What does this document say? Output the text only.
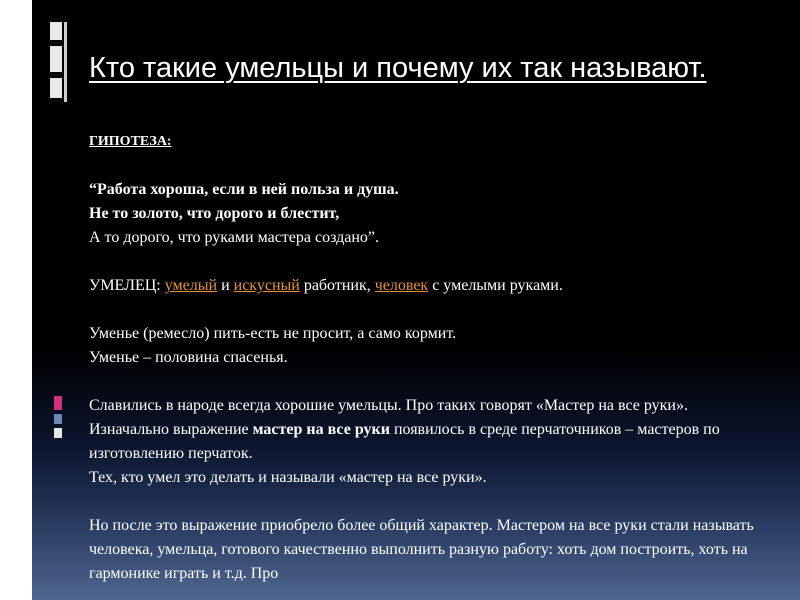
Кто такие умельцы и почему их так называют.
ГИПОТЕЗА:
“Работа хороша, если в ней польза и душа.
Не то золото, что дорого и блестит,
А то дорого, что руками мастера создано”.
УМЕЛЕЦ: умелый и искусный работник, человек с умелыми руками.
Уменье (ремесло) пить-есть не просит, а само кормит.
Уменье – половина спасенья.
Славились в народе всегда хорошие умельцы. Про таких говорят «Мастер на все руки».
Изначально выражение мастер на все руки появилось в среде перчаточников – мастеров по изготовлению перчаток.
Тех, кто умел это делать и называли «мастер на все руки».
Но после это выражение приобрело более общий характер. Мастером на все руки стали называть человека, умельца, готового качественно выполнить разную работу: хоть дом построить, хоть на гармонике играть и т.д. Про
